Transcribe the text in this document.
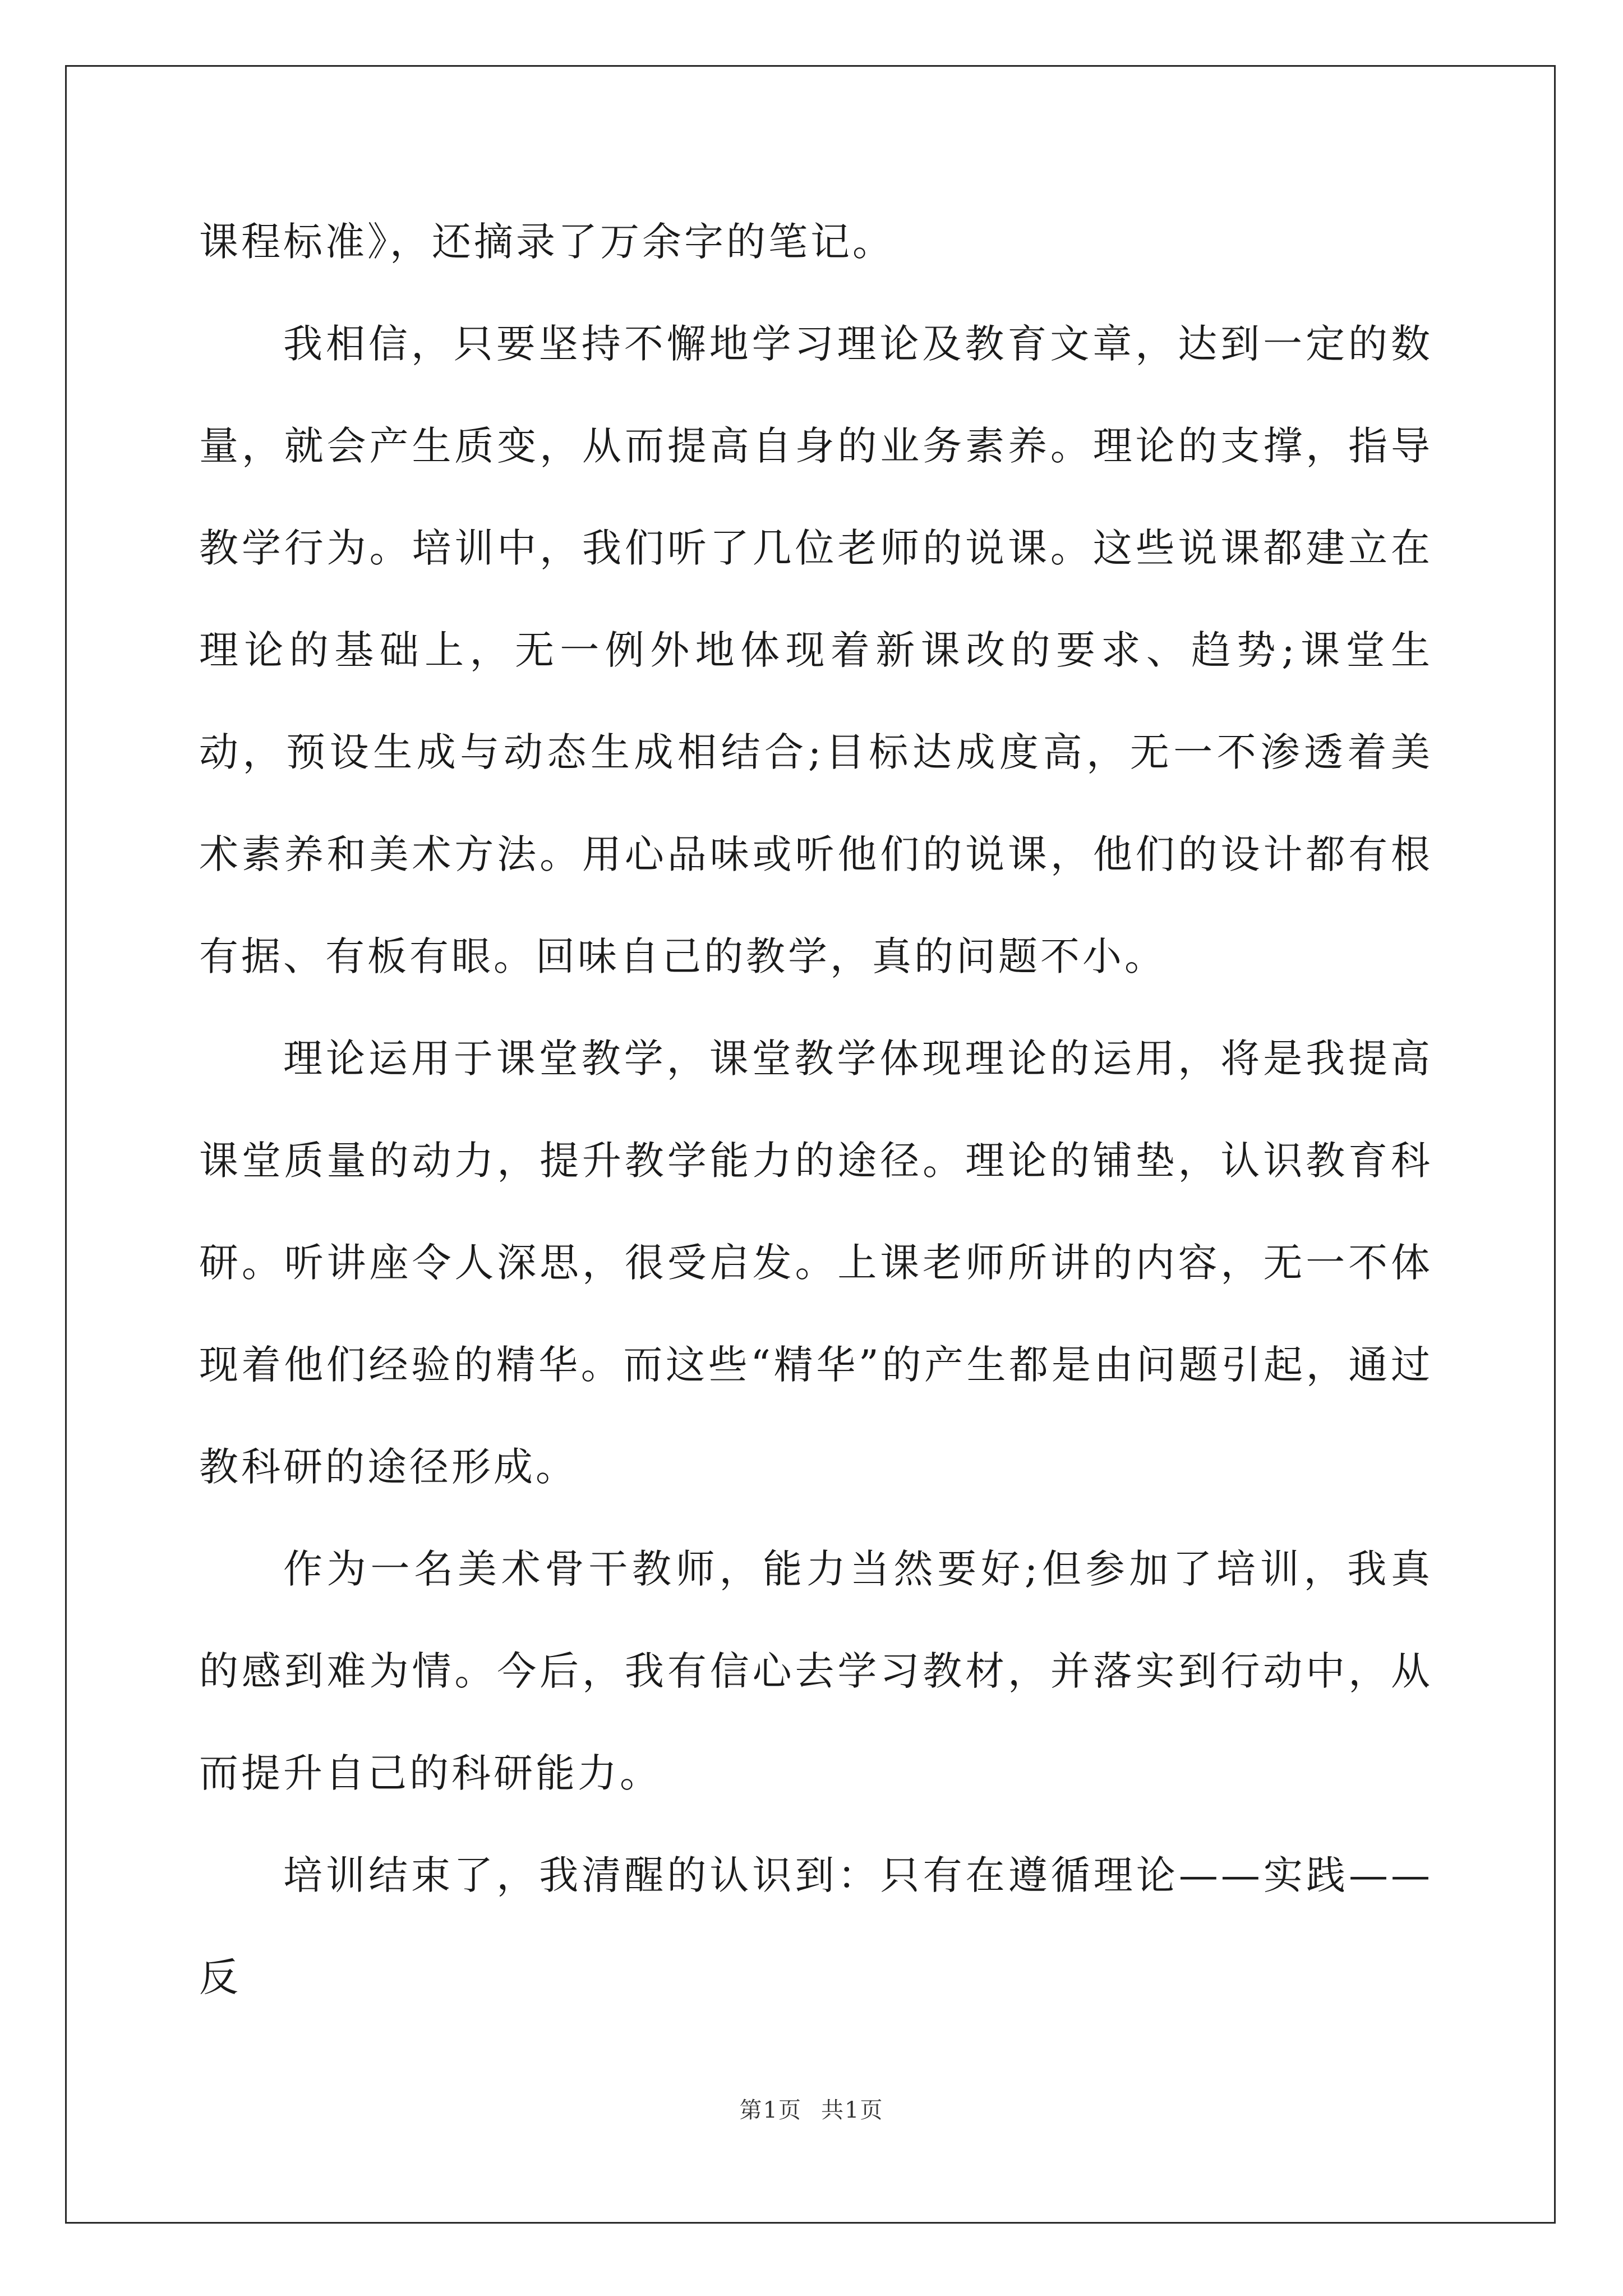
课程标准》，还摘录了万余字的笔记。

我相信，只要坚持不懈地学习理论及教育文章，达到一定的数量，就会产生质变，从而提高自身的业务素养。理论的支撑，指导教学行为。培训中，我们听了几位老师的说课。这些说课都建立在理论的基础上，无一例外地体现着新课改的要求、趋势;课堂生动，预设生成与动态生成相结合;目标达成度高，无一不渗透着美术素养和美术方法。用心品味或听他们的说课，他们的设计都有根有据、有板有眼。回味自己的教学，真的问题不小。

理论运用于课堂教学，课堂教学体现理论的运用，将是我提高课堂质量的动力，提升教学能力的途径。理论的铺垫，认识教育科研。听讲座令人深思，很受启发。上课老师所讲的内容，无一不体现着他们经验的精华。而这些“精华”的产生都是由问题引起，通过教科研的途径形成。

作为一名美术骨干教师，能力当然要好;但参加了培训，我真的感到难为情。今后，我有信心去学习教材，并落实到行动中，从而提升自己的科研能力。

培训结束了，我清醒的认识到：只有在遵循理论——实践——反

第1页 共1页
